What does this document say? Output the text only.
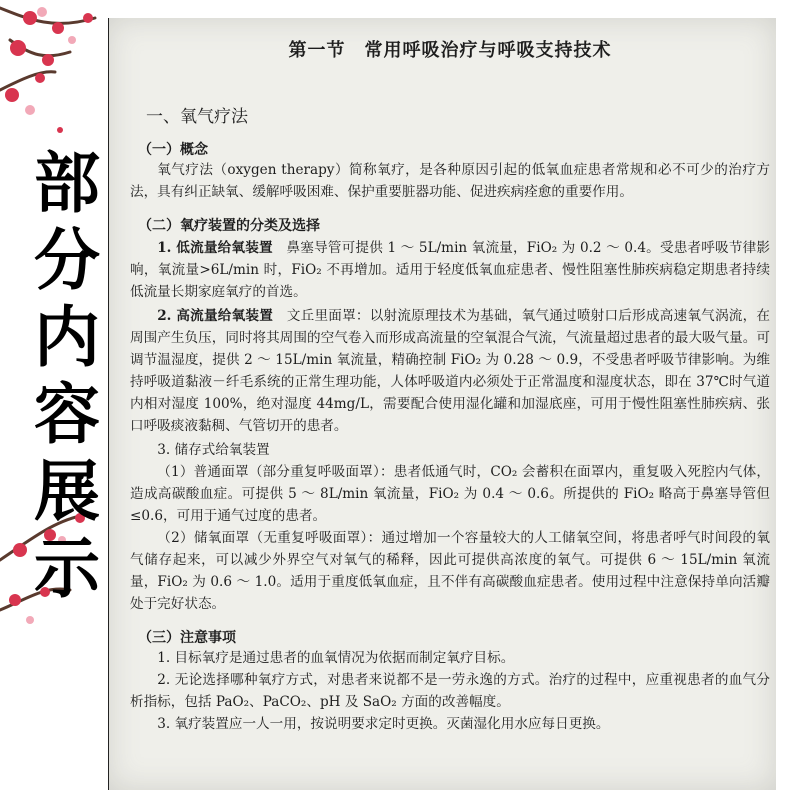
部
分
内
容
展
示
第一节　常用呼吸治疗与呼吸支持技术
一、氧气疗法
（一）概念

氧气疗法（oxygen therapy）简称氧疗，是各种原因引起的低氧血症患者常规和必不可少的治疗方法，具有纠正缺氧、缓解呼吸困难、保护重要脏器功能、促进疾病痊愈的重要作用。

（二）氧疗装置的分类及选择

1. 低流量给氧装置　 鼻塞导管可提供 1 ～ 5L/min 氧流量，FiO₂ 为 0.2 ～ 0.4。受患者呼吸节律影响，氧流量>6L/min 时，FiO₂ 不再增加。适用于轻度低氧血症患者、慢性阻塞性肺疾病稳定期患者持续低流量长期家庭氧疗的首选。

2. 高流量给氧装置　 文丘里面罩：以射流原理技术为基础，氧气通过喷射口后形成高速氧气涡流，在周围产生负压，同时将其周围的空气卷入而形成高流量的空氧混合气流，气流量超过患者的最大吸气量。可调节温湿度，提供 2 ～ 15L/min 氧流量，精确控制 FiO₂ 为 0.28 ～ 0.9，不受患者呼吸节律影响。为维持呼吸道黏液－纤毛系统的正常生理功能，人体呼吸道内必须处于正常温度和湿度状态，即在 37℃时气道内相对湿度 100%，绝对湿度 44mg/L，需要配合使用湿化罐和加湿底座，可用于慢性阻塞性肺疾病、张口呼吸痰液黏稠、气管切开的患者。

3. 储存式给氧装置

（1）普通面罩（部分重复呼吸面罩）：患者低通气时，CO₂ 会蓄积在面罩内，重复吸入死腔内气体，造成高碳酸血症。可提供 5 ～ 8L/min 氧流量，FiO₂ 为 0.4 ～ 0.6。所提供的 FiO₂ 略高于鼻塞导管但≤0.6，可用于通气过度的患者。

（2）储氧面罩（无重复呼吸面罩）：通过增加一个容量较大的人工储氧空间，将患者呼气时间段的氧气储存起来，可以减少外界空气对氧气的稀释，因此可提供高浓度的氧气。可提供 6 ～ 15L/min 氧流量，FiO₂ 为 0.6 ～ 1.0。适用于重度低氧血症，且不伴有高碳酸血症患者。使用过程中注意保持单向活瓣处于完好状态。

（三）注意事项

1. 目标氧疗是通过患者的血氧情况为依据而制定氧疗目标。

2. 无论选择哪种氧疗方式，对患者来说都不是一劳永逸的方式。治疗的过程中，应重视患者的血气分析指标，包括 PaO₂、PaCO₂、pH 及 SaO₂ 方面的改善幅度。

3. 氧疗装置应一人一用，按说明要求定时更换。灭菌湿化用水应每日更换。
